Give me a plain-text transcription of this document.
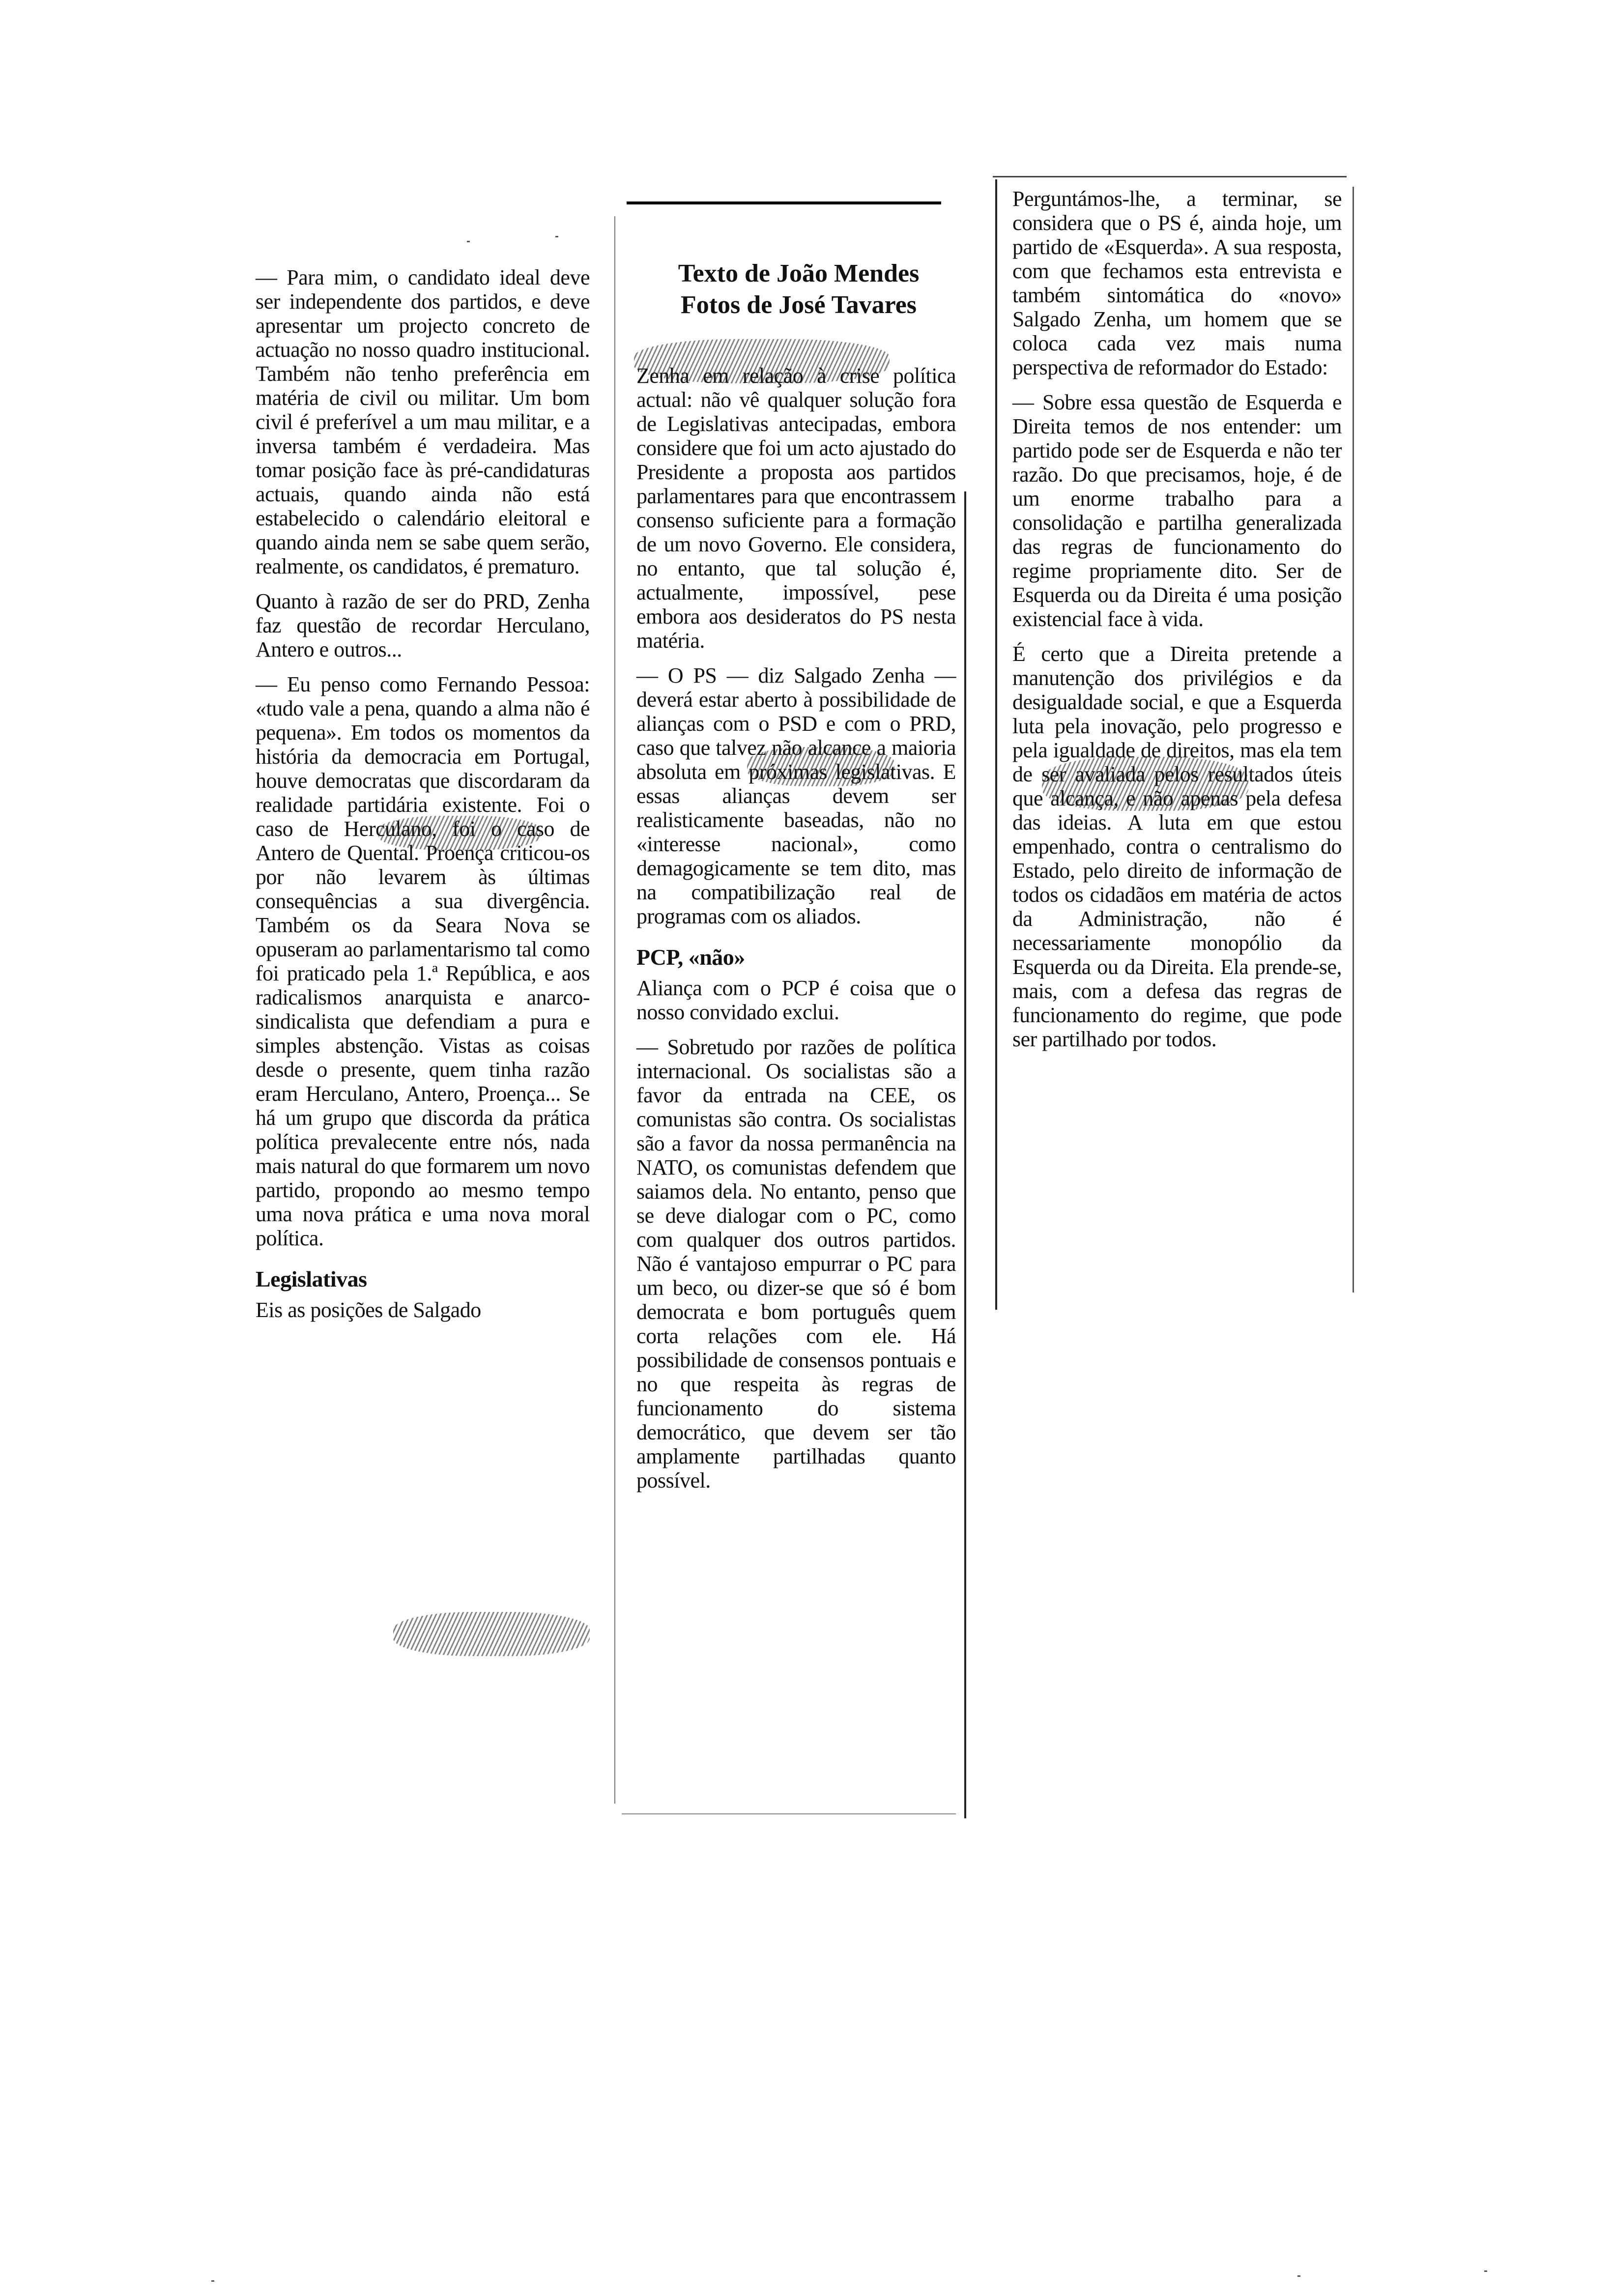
Texto de João Mendes
Fotos de José Tavares

— Para mim, o candidato ideal deve ser independente dos partidos, e deve apresentar um projecto concreto de actuação no nosso quadro institucional. Também não tenho preferência em matéria de civil ou militar. Um bom civil é preferível a um mau militar, e a inversa também é verdadeira. Mas tomar posição face às pré-candidaturas actuais, quando ainda não está estabelecido o calendário eleitoral e quando ainda nem se sabe quem serão, realmente, os candidatos, é prematuro.

Quanto à razão de ser do PRD, Zenha faz questão de recordar Herculano, Antero e outros...

— Eu penso como Fernando Pessoa: «tudo vale a pena, quando a alma não é pequena». Em todos os momentos da história da democracia em Portugal, houve democratas que discordaram da realidade partidária existente. Foi o caso de Herculano, foi o caso de Antero de Quental. Proença criticou-os por não levarem às últimas consequências a sua divergência. Também os da Seara Nova se opuseram ao parlamentarismo tal como foi praticado pela 1.ª República, e aos radicalismos anarquista e anarco-sindicalista que defendiam a pura e simples abstenção. Vistas as coisas desde o presente, quem tinha razão eram Herculano, Antero, Proença... Se há um grupo que discorda da prática política prevalecente entre nós, nada mais natural do que formarem um novo partido, propondo ao mesmo tempo uma nova prática e uma nova moral política.

Legislativas

Eis as posições de Salgado

Zenha em relação à crise política actual: não vê qualquer solução fora de Legislativas antecipadas, embora considere que foi um acto ajustado do Presidente a proposta aos partidos parlamentares para que encontrassem consenso suficiente para a formação de um novo Governo. Ele considera, no entanto, que tal solução é, actualmente, impossível, pese embora aos desideratos do PS nesta matéria.

— O PS — diz Salgado Zenha — deverá estar aberto à possibilidade de alianças com o PSD e com o PRD, caso que talvez não alcance a maioria absoluta em próximas legislativas. E essas alianças devem ser realisticamente baseadas, não no «interesse nacional», como demagogicamente se tem dito, mas na compatibilização real de programas com os aliados.

PCP, «não»

Aliança com o PCP é coisa que o nosso convidado exclui.

— Sobretudo por razões de política internacional. Os socialistas são a favor da entrada na CEE, os comunistas são contra. Os socialistas são a favor da nossa permanência na NATO, os comunistas defendem que saiamos dela. No entanto, penso que se deve dialogar com o PC, como com qualquer dos outros partidos. Não é vantajoso empurrar o PC para um beco, ou dizer-se que só é bom democrata e bom português quem corta relações com ele. Há possibilidade de consensos pontuais e no que respeita às regras de funcionamento do sistema democrático, que devem ser tão amplamente partilhadas quanto possível.

Perguntámos-lhe, a terminar, se considera que o PS é, ainda hoje, um partido de «Esquerda». A sua resposta, com que fechamos esta entrevista e também sintomática do «novo» Salgado Zenha, um homem que se coloca cada vez mais numa perspectiva de reformador do Estado:

— Sobre essa questão de Esquerda e Direita temos de nos entender: um partido pode ser de Esquerda e não ter razão. Do que precisamos, hoje, é de um enorme trabalho para a consolidação e partilha generalizada das regras de funcionamento do regime propriamente dito. Ser de Esquerda ou da Direita é uma posição existencial face à vida.

É certo que a Direita pretende a manutenção dos privilégios e da desigualdade social, e que a Esquerda luta pela inovação, pelo progresso e pela igualdade de direitos, mas ela tem de ser avaliada pelos resultados úteis que alcança, e não apenas pela defesa das ideias. A luta em que estou empenhado, contra o centralismo do Estado, pelo direito de informação de todos os cidadãos em matéria de actos da Administração, não é necessariamente monopólio da Esquerda ou da Direita. Ela prende-se, mais, com a defesa das regras de funcionamento do regime, que pode ser partilhado por todos.
